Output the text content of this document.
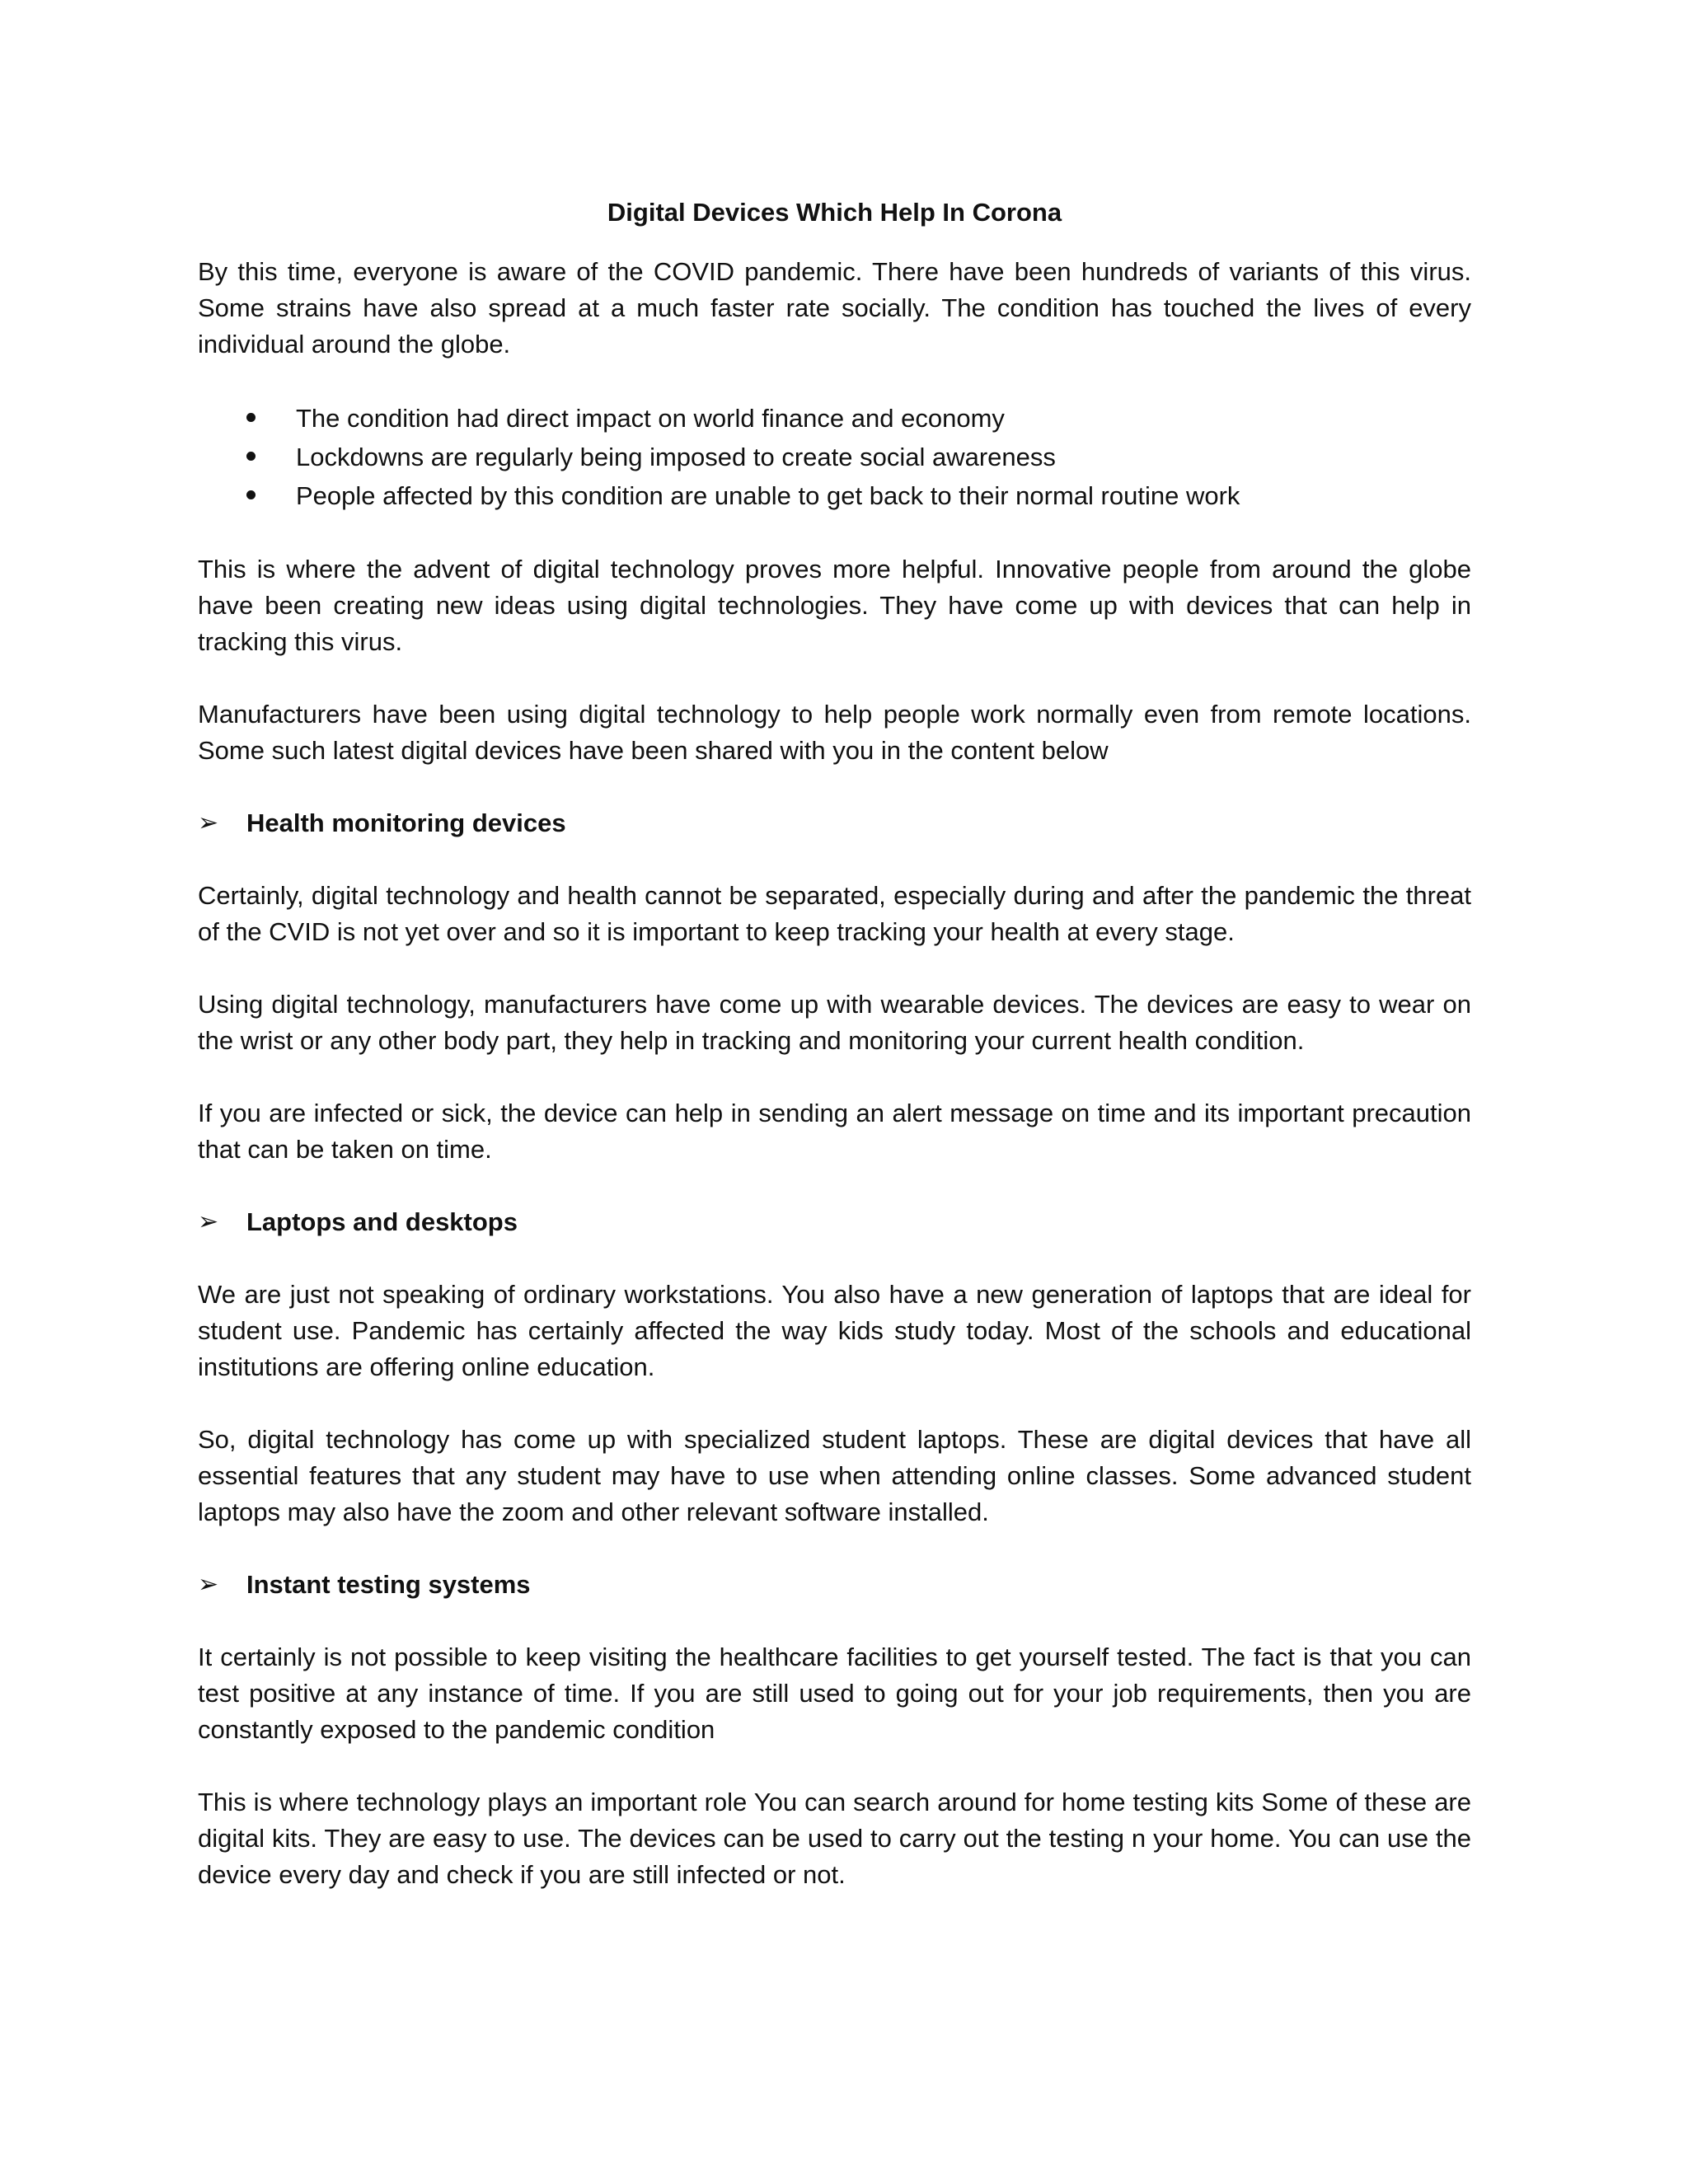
Digital Devices Which Help In Corona

By this time, everyone is aware of the COVID pandemic. There have been hundreds of variants of this virus. Some strains have also spread at a much faster rate socially. The condition has touched the lives of every individual around the globe.

The condition had direct impact on world finance and economy
Lockdowns are regularly being imposed to create social awareness
People affected by this condition are unable to get back to their normal routine work

This is where the advent of digital technology proves more helpful. Innovative people from around the globe have been creating new ideas using digital technologies. They have come up with devices that can help in tracking this virus.

Manufacturers have been using digital technology to help people work normally even from remote locations. Some such latest digital devices have been shared with you in the content below

➢ Health monitoring devices

Certainly, digital technology and health cannot be separated, especially during and after the pandemic the threat of the CVID is not yet over and so it is important to keep tracking your health at every stage.

Using digital technology, manufacturers have come up with wearable devices. The devices are easy to wear on the wrist or any other body part, they help in tracking and monitoring your current health condition.

If you are infected or sick, the device can help in sending an alert message on time and its important precaution that can be taken on time.

➢ Laptops and desktops

We are just not speaking of ordinary workstations. You also have a new generation of laptops that are ideal for student use. Pandemic has certainly affected the way kids study today. Most of the schools and educational institutions are offering online education.

So, digital technology has come up with specialized student laptops. These are digital devices that have all essential features that any student may have to use when attending online classes. Some advanced student laptops may also have the zoom and other relevant software installed.

➢ Instant testing systems

It certainly is not possible to keep visiting the healthcare facilities to get yourself tested. The fact is that you can test positive at any instance of time. If you are still used to going out for your job requirements, then you are constantly exposed to the pandemic condition

This is where technology plays an important role You can search around for home testing kits Some of these are digital kits. They are easy to use. The devices can be used to carry out the testing n your home. You can use the device every day and check if you are still infected or not.
